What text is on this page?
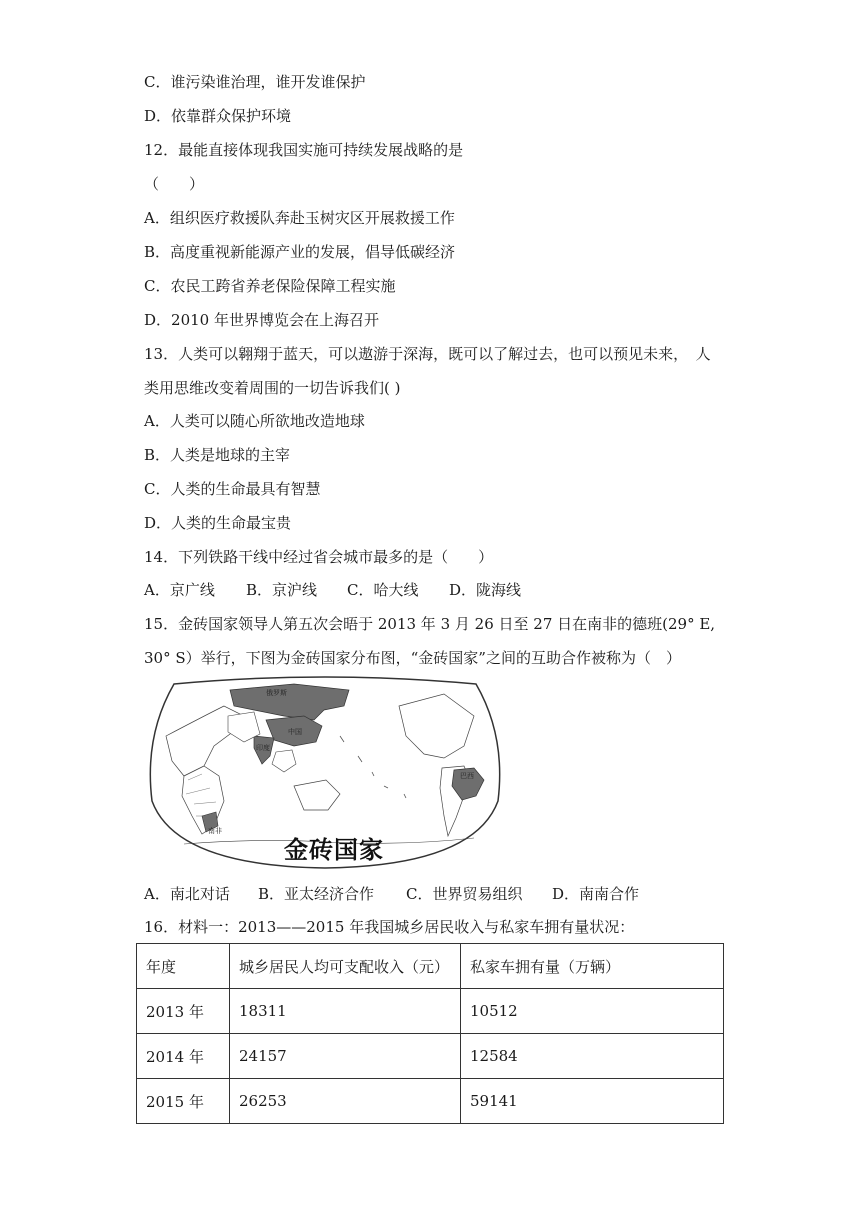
C．谁污染谁治理，谁开发谁保护
D．依靠群众保护环境
12．最能直接体现我国实施可持续发展战略的是
（　　）
A．组织医疗救援队奔赴玉树灾区开展救援工作
B．高度重视新能源产业的发展，倡导低碳经济
C．农民工跨省养老保险保障工程实施
D．2010 年世界博览会在上海召开
13．人类可以翱翔于蓝天，可以遨游于深海，既可以了解过去，也可以预见未来，　人
类用思维改变着周围的一切告诉我们( )
A．人类可以随心所欲地改造地球
B．人类是地球的主宰
C．人类的生命最具有智慧
D．人类的生命最宝贵
14．下列铁路干线中经过省会城市最多的是（　　）
A．京广线	B．京沪线	C．哈大线	D．陇海线
15．金砖国家领导人第五次会晤于 2013 年 3 月 26 日至 27 日在南非的德班(29° E,
30° S）举行，下图为金砖国家分布图，“金砖国家”之间的互助合作被称为（　）
俄罗斯
中国
印度
巴西
南非
金砖国家
A．南北对话	B．亚太经济合作	C．世界贸易组织	D．南南合作
16．材料一：2013——2015 年我国城乡居民收入与私家车拥有量状况：
年度	城乡居民人均可支配收入（元）	私家车拥有量（万辆）
2013 年	18311	10512
2014 年	24157	12584
2015 年	26253	59141
